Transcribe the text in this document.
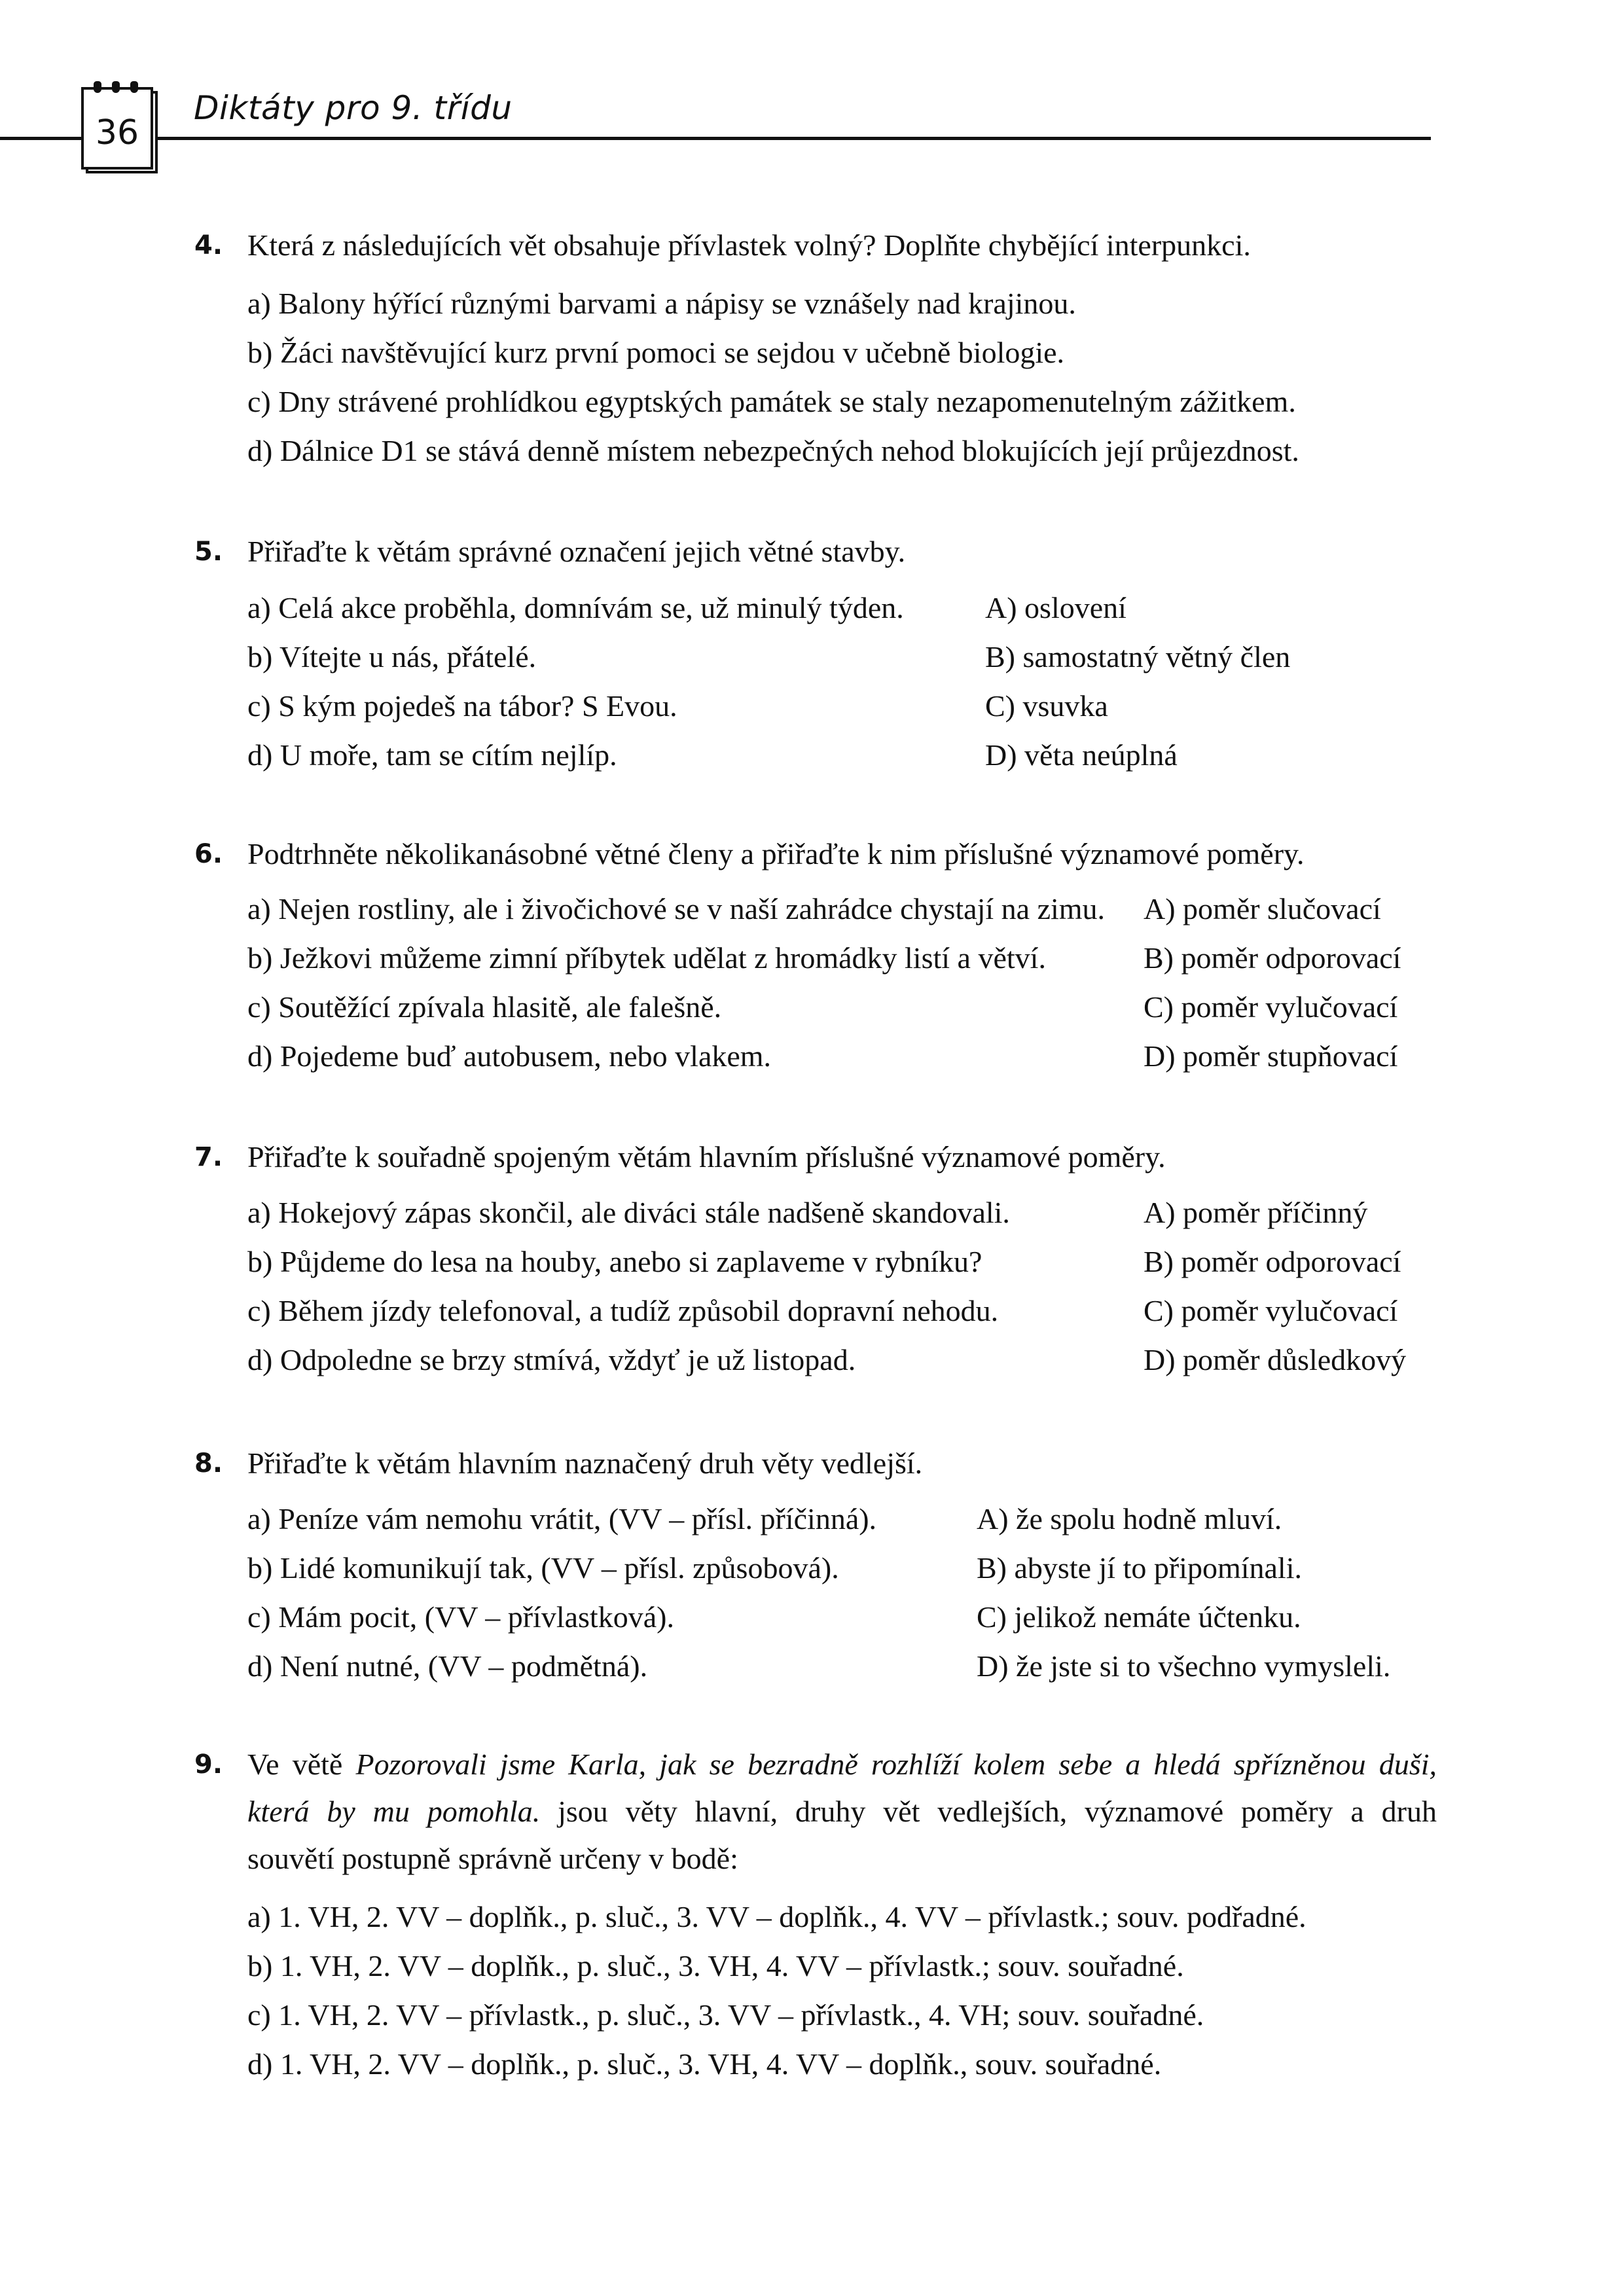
36
Diktáty pro 9. třídu
4. Která z následujících vět obsahuje přívlastek volný? Doplňte chybějící interpunkci.
a) Balony hýřící různými barvami a nápisy se vznášely nad krajinou.
b) Žáci navštěvující kurz první pomoci se sejdou v učebně biologie.
c) Dny strávené prohlídkou egyptských památek se staly nezapomenutelným zážitkem.
d) Dálnice D1 se stává denně místem nebezpečných nehod blokujících její průjezdnost.
5. Přiřaďte k větám správné označení jejich větné stavby.
a) Celá akce proběhla, domnívám se, už minulý týden.
b) Vítejte u nás, přátelé.
c) S kým pojedeš na tábor? S Evou.
d) U moře, tam se cítím nejlíp.
A) oslovení
B) samostatný větný člen
C) vsuvka
D) věta neúplná
6. Podtrhněte několikanásobné větné členy a přiřaďte k nim příslušné významové poměry.
a) Nejen rostliny, ale i živočichové se v naší zahrádce chystají na zimu.
b) Ježkovi můžeme zimní příbytek udělat z hromádky listí a větví.
c) Soutěžící zpívala hlasitě, ale falešně.
d) Pojedeme buď autobusem, nebo vlakem.
A) poměr slučovací
B) poměr odporovací
C) poměr vylučovací
D) poměr stupňovací
7. Přiřaďte k souřadně spojeným větám hlavním příslušné významové poměry.
a) Hokejový zápas skončil, ale diváci stále nadšeně skandovali.
b) Půjdeme do lesa na houby, anebo si zaplaveme v rybníku?
c) Během jízdy telefonoval, a tudíž způsobil dopravní nehodu.
d) Odpoledne se brzy stmívá, vždyť je už listopad.
A) poměr příčinný
B) poměr odporovací
C) poměr vylučovací
D) poměr důsledkový
8. Přiřaďte k větám hlavním naznačený druh věty vedlejší.
a) Peníze vám nemohu vrátit, (VV – přísl. příčinná).
b) Lidé komunikují tak, (VV – přísl. způsobová).
c) Mám pocit, (VV – přívlastková).
d) Není nutné, (VV – podmětná).
A) že spolu hodně mluví.
B) abyste jí to připomínali.
C) jelikož nemáte účtenku.
D) že jste si to všechno vymysleli.
9. Ve větě Pozorovali jsme Karla, jak se bezradně rozhlíží kolem sebe a hledá spřízněnou duši,
která by mu pomohla. jsou věty hlavní, druhy vět vedlejších, významové poměry a druh
souvětí postupně správně určeny v bodě:
a) 1. VH, 2. VV – doplňk., p. sluč., 3. VV – doplňk., 4. VV – přívlastk.; souv. podřadné.
b) 1. VH, 2. VV – doplňk., p. sluč., 3. VH, 4. VV – přívlastk.; souv. souřadné.
c) 1. VH, 2. VV – přívlastk., p. sluč., 3. VV – přívlastk., 4. VH; souv. souřadné.
d) 1. VH, 2. VV – doplňk., p. sluč., 3. VH, 4. VV – doplňk., souv. souřadné.
